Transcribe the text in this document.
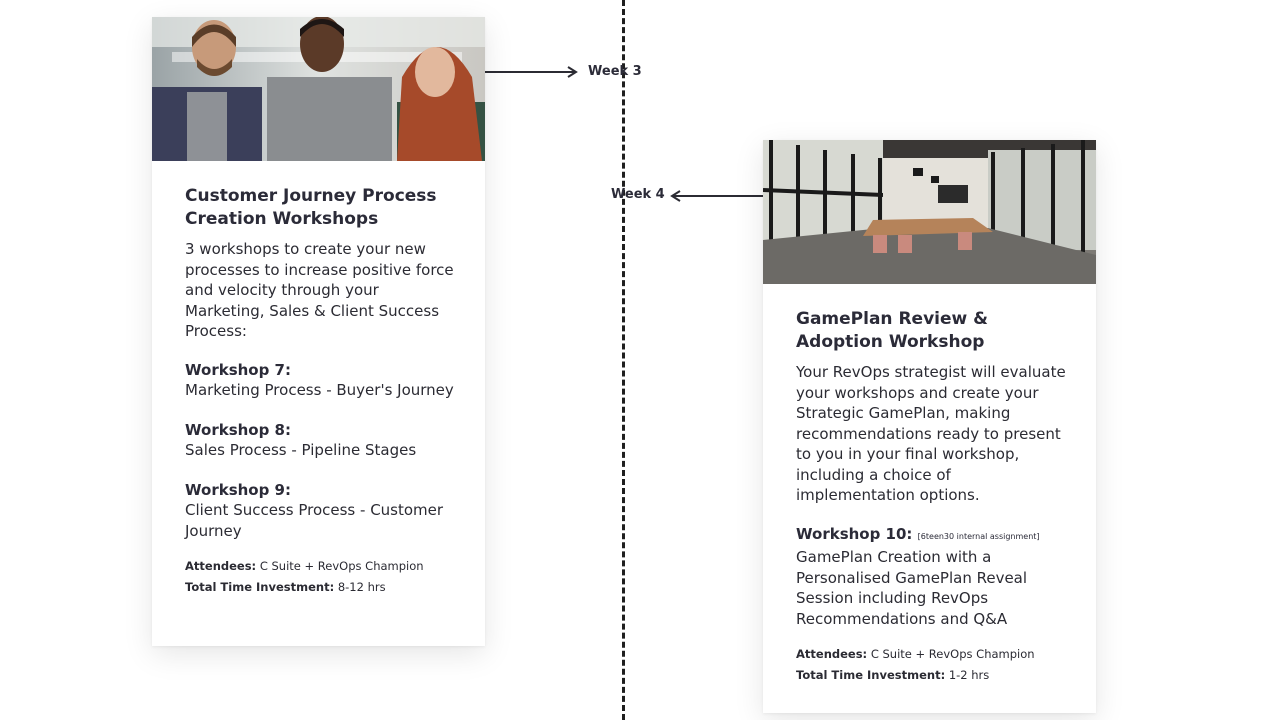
Week 3
Week 4
Customer Journey Process Creation Workshops
3 workshops to create your new processes to increase positive force and velocity through your Marketing, Sales & Client Success Process:
Workshop 7:
Marketing Process - Buyer's Journey
Workshop 8:
Sales Process - Pipeline Stages
Workshop 9:
Client Success Process - Customer Journey
Attendees: C Suite + RevOps Champion
Total Time Investment: 8-12 hrs
GamePlan Review & Adoption Workshop
Your RevOps strategist will evaluate your workshops and create your Strategic GamePlan, making recommendations ready to present to you in your final workshop, including a choice of implementation options.
Workshop 10: [6teen30 internal assignment]
GamePlan Creation with a Personalised GamePlan Reveal Session including RevOps Recommendations and Q&A
Attendees: C Suite + RevOps Champion
Total Time Investment: 1-2 hrs
